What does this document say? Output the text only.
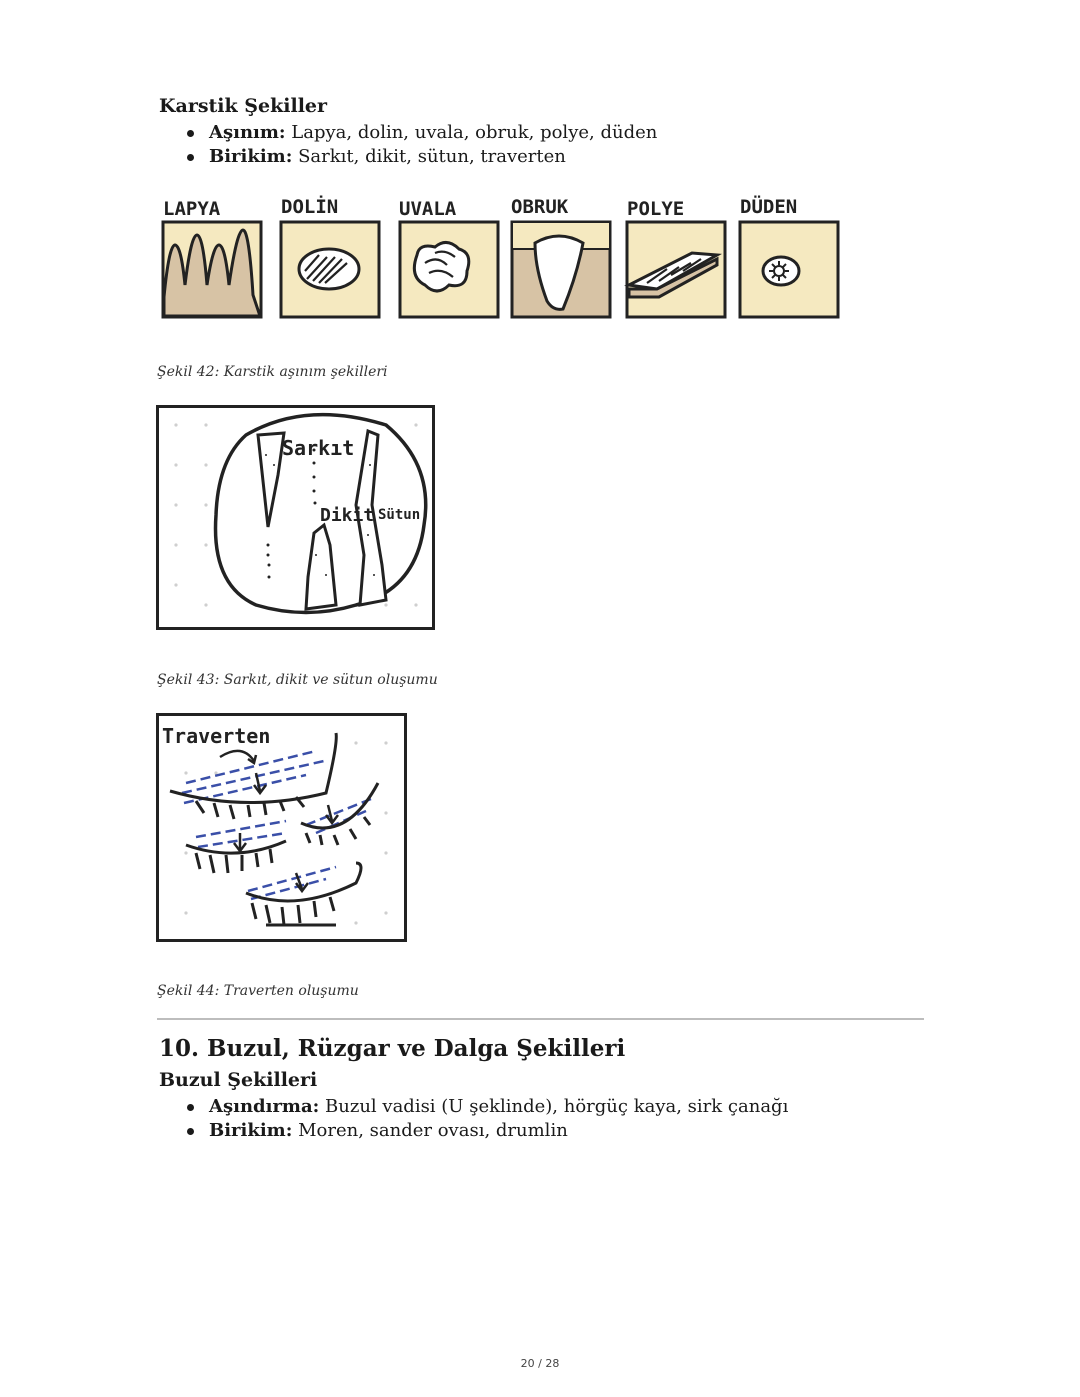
Karstik Şekiller
Aşınım: Lapya, dolin, uvala, obruk, polye, düden
Birikim: Sarkıt, dikit, sütun, traverten
LAPYA	DOLİN	UVALA	OBRUK	POLYE	DÜDEN
Şekil 42: Karstik aşınım şekilleri
Sarkıt
Dikit Sütun
Şekil 43: Sarkıt, dikit ve sütun oluşumu
Traverten
Şekil 44: Traverten oluşumu
10. Buzul, Rüzgar ve Dalga Şekilleri
Buzul Şekilleri
Aşındırma: Buzul vadisi (U şeklinde), hörgüç kaya, sirk çanağı
Birikim: Moren, sander ovası, drumlin
20 / 28
